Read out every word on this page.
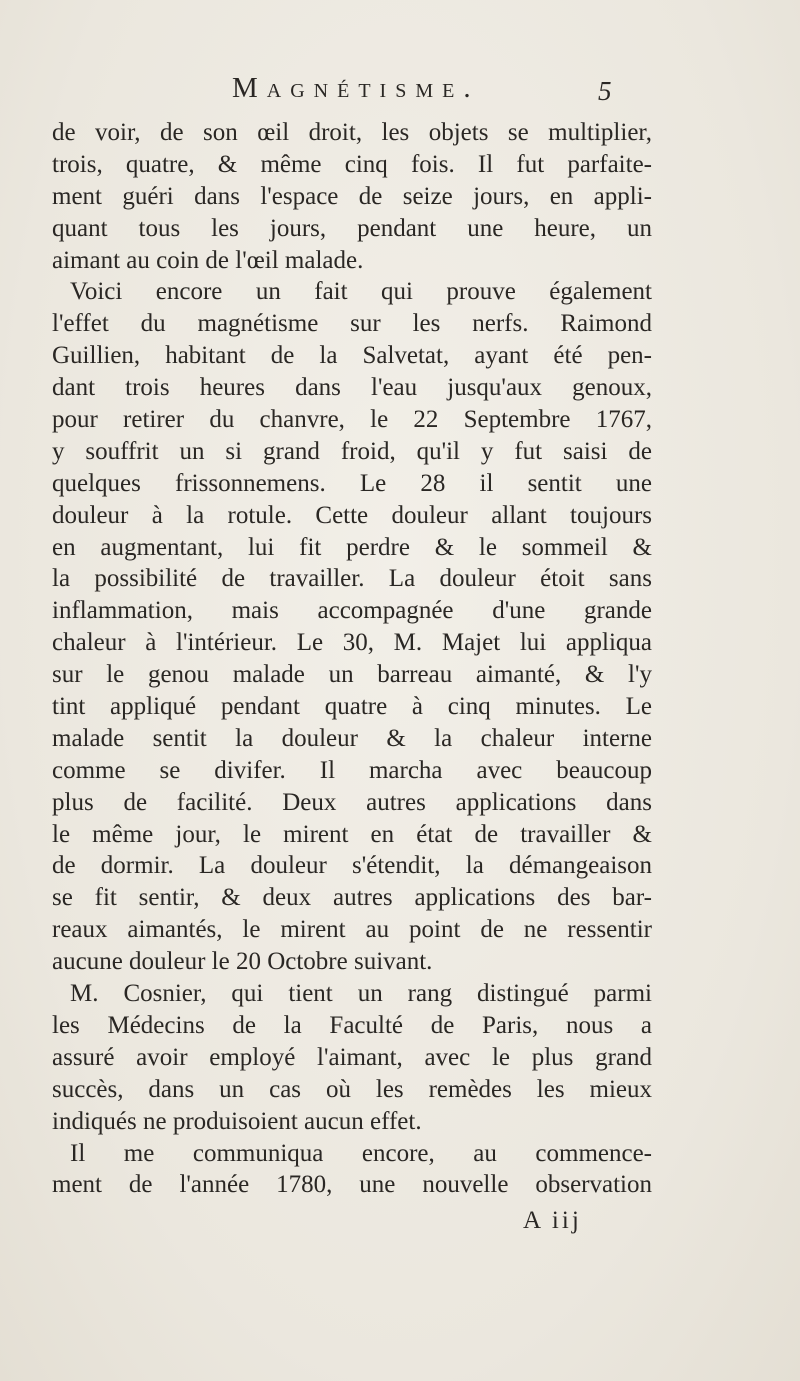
Magnétisme.	5
de voir, de son œil droit, les objets se multiplier,
trois, quatre, & même cinq fois. Il fut parfaite-
ment guéri dans l'espace de seize jours, en appli-
quant tous les jours, pendant une heure, un
aimant au coin de l'œil malade.
Voici encore un fait qui prouve également
l'effet du magnétisme sur les nerfs. Raimond
Guillien, habitant de la Salvetat, ayant été pen-
dant trois heures dans l'eau jusqu'aux genoux,
pour retirer du chanvre, le 22 Septembre 1767,
y souffrit un si grand froid, qu'il y fut saisi de
quelques frissonnemens. Le 28 il sentit une
douleur à la rotule. Cette douleur allant toujours
en augmentant, lui fit perdre & le sommeil &
la possibilité de travailler. La douleur étoit sans
inflammation, mais accompagnée d'une grande
chaleur à l'intérieur. Le 30, M. Majet lui appliqua
sur le genou malade un barreau aimanté, & l'y
tint appliqué pendant quatre à cinq minutes. Le
malade sentit la douleur & la chaleur interne
comme se divifer. Il marcha avec beaucoup
plus de facilité. Deux autres applications dans
le même jour, le mirent en état de travailler &
de dormir. La douleur s'étendit, la démangeaison
se fit sentir, & deux autres applications des bar-
reaux aimantés, le mirent au point de ne ressentir
aucune douleur le 20 Octobre suivant.
M. Cosnier, qui tient un rang distingué parmi
les Médecins de la Faculté de Paris, nous a
assuré avoir employé l'aimant, avec le plus grand
succès, dans un cas où les remèdes les mieux
indiqués ne produisoient aucun effet.
Il me communiqua encore, au commence-
ment de l'année 1780, une nouvelle observation
A iij
